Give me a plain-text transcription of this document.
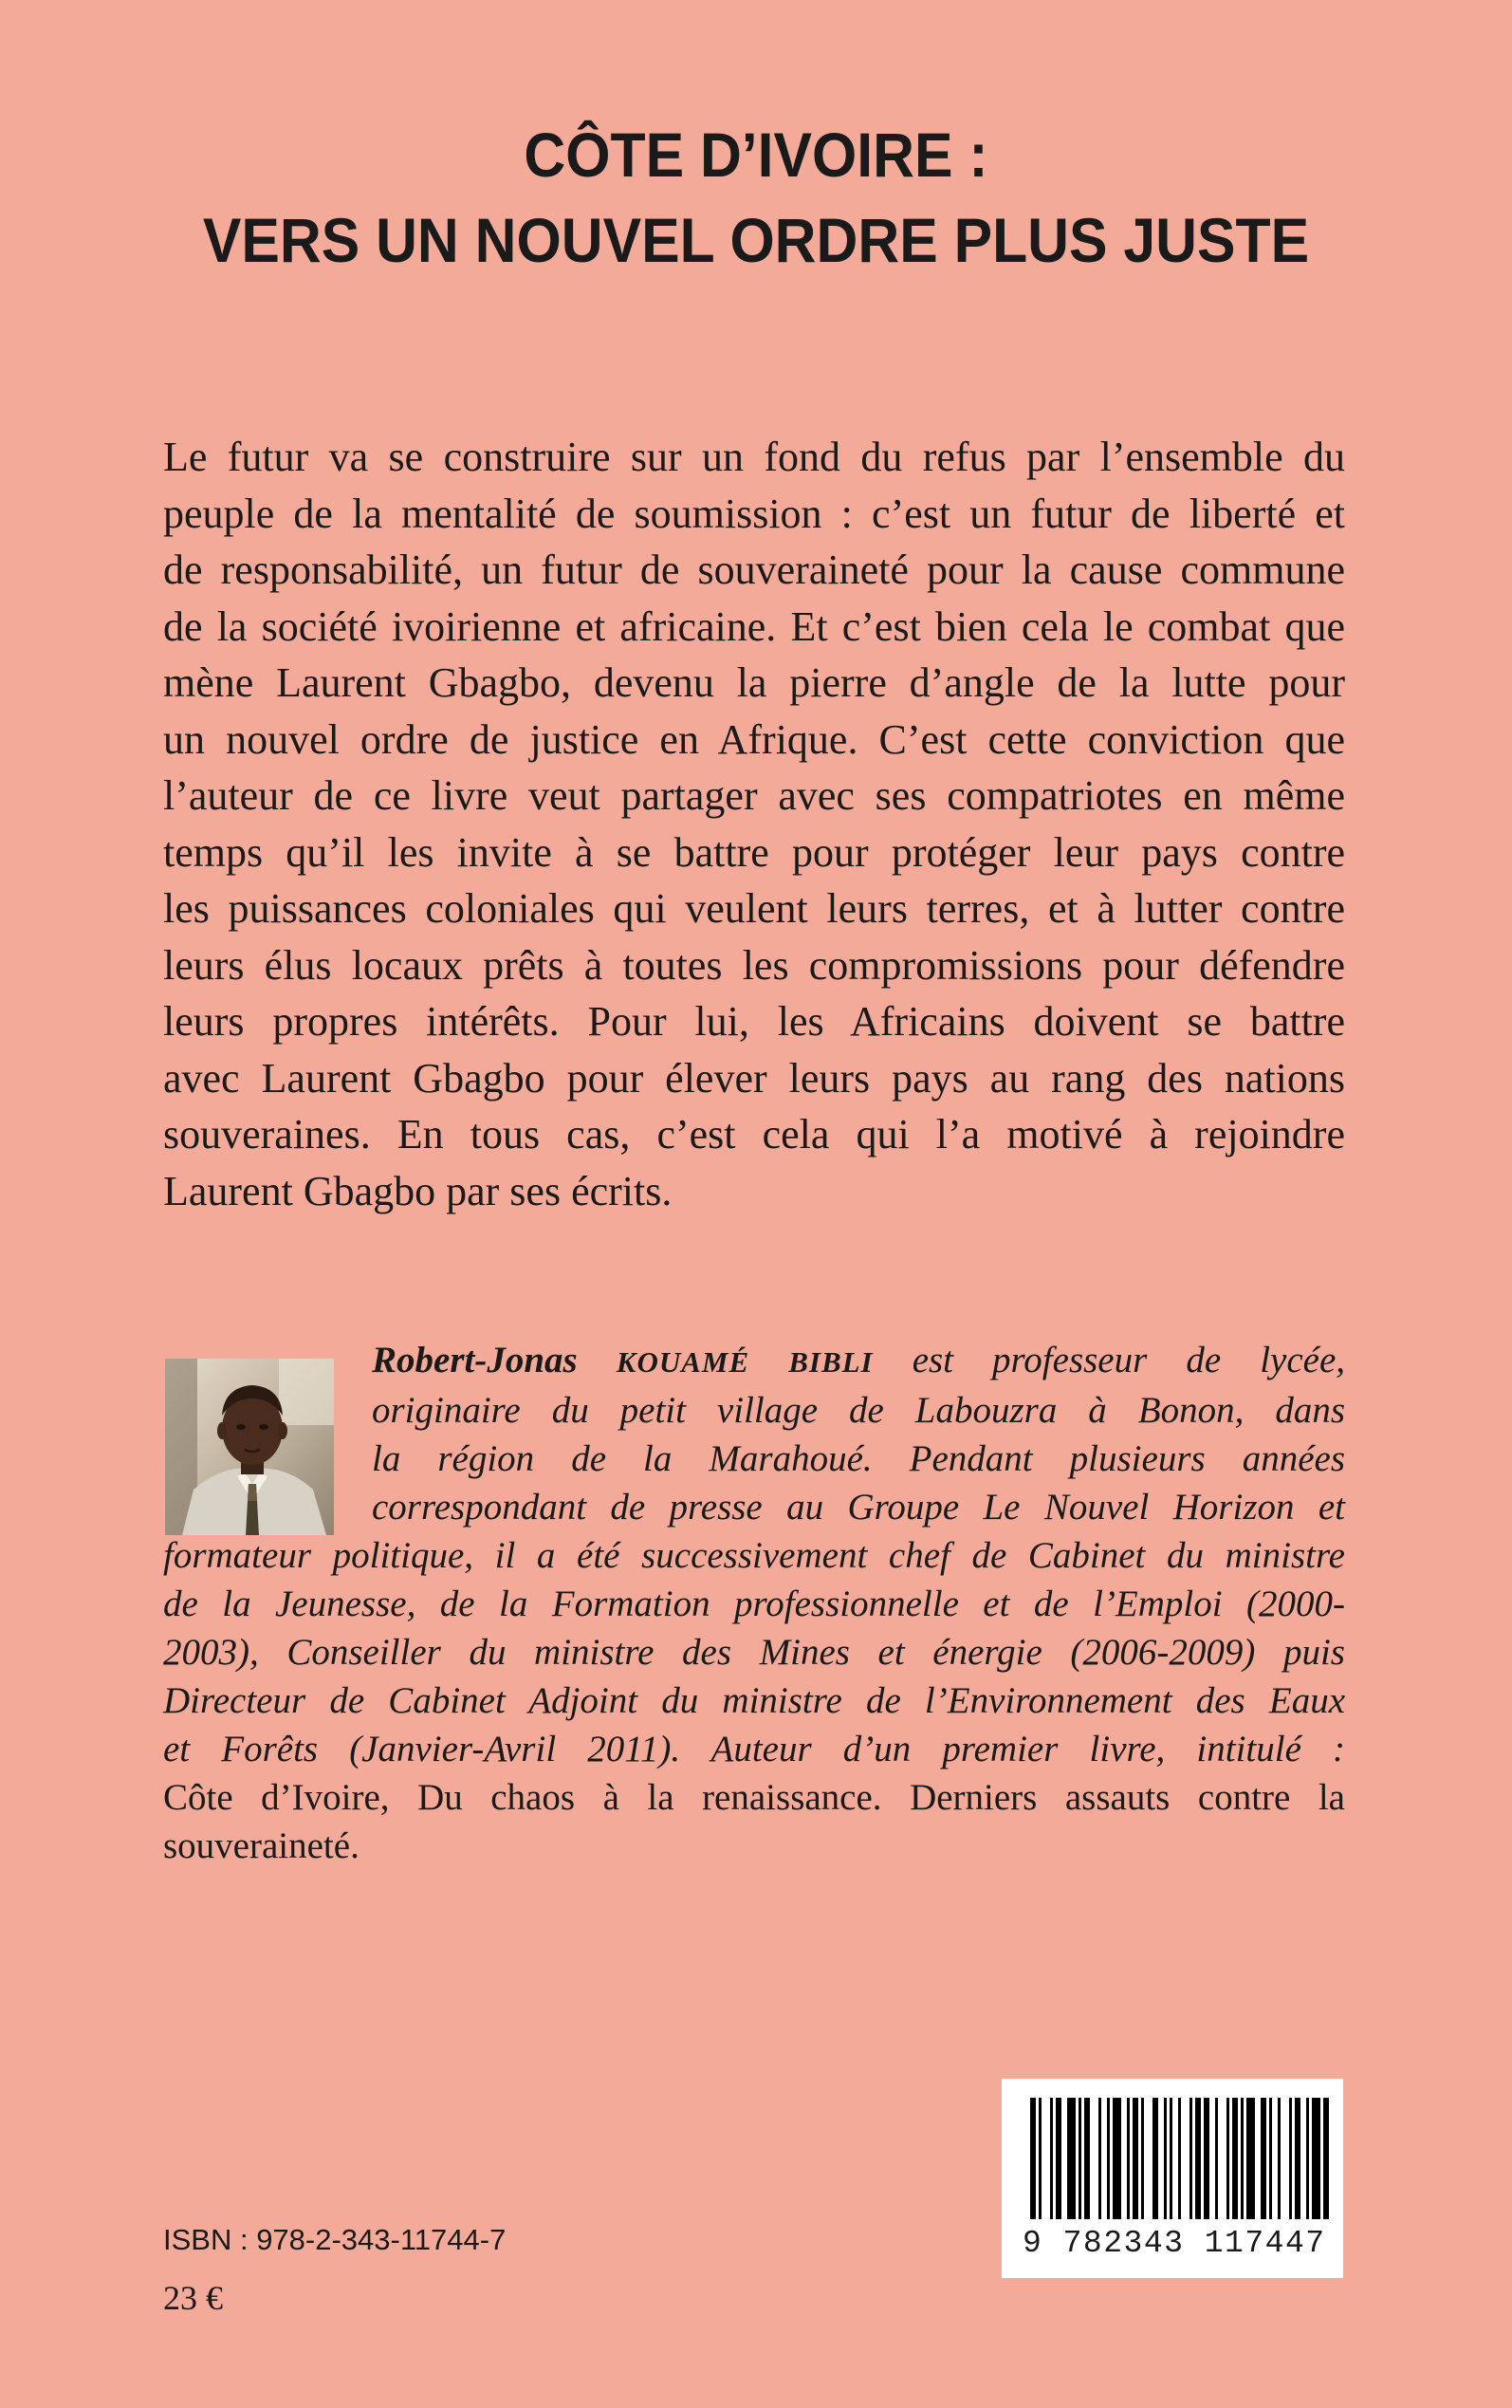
CÔTE D’IVOIRE :
VERS UN NOUVEL ORDRE PLUS JUSTE
Le futur va se construire sur un fond du refus par l’ensemble du
peuple de la mentalité de soumission : c’est un futur de liberté et
de responsabilité, un futur de souveraineté pour la cause commune
de la société ivoirienne et africaine. Et c’est bien cela le combat que
mène Laurent Gbagbo, devenu la pierre d’angle de la lutte pour
un nouvel ordre de justice en Afrique. C’est cette conviction que
l’auteur de ce livre veut partager avec ses compatriotes en même
temps qu’il les invite à se battre pour protéger leur pays contre
les puissances coloniales qui veulent leurs terres, et à lutter contre
leurs élus locaux prêts à toutes les compromissions pour défendre
leurs propres intérêts. Pour lui, les Africains doivent se battre
avec Laurent Gbagbo pour élever leurs pays au rang des nations
souveraines. En tous cas, c’est cela qui l’a motivé à rejoindre
Laurent Gbagbo par ses écrits.
Robert-Jonas KOUAMÉ BIBLI est professeur de lycée,
originaire du petit village de Labouzra à Bonon, dans
la région de la Marahoué. Pendant plusieurs années
correspondant de presse au Groupe Le Nouvel Horizon et
formateur politique, il a été successivement chef de Cabinet du ministre
de la Jeunesse, de la Formation professionnelle et de l’Emploi (2000-
2003), Conseiller du ministre des Mines et énergie (2006-2009) puis
Directeur de Cabinet Adjoint du ministre de l’Environnement des Eaux
et Forêts (Janvier-Avril 2011). Auteur d’un premier livre, intitulé :
Côte d’Ivoire, Du chaos à la renaissance. Derniers assauts contre la
souveraineté.
9 782343 117447
ISBN : 978-2-343-11744-7
23 €
